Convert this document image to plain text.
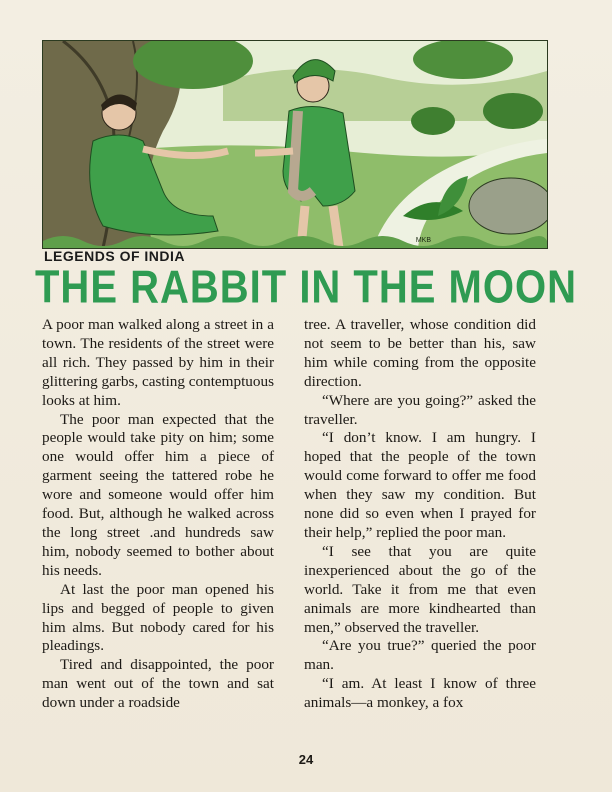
MKB
LEGENDS OF INDIA
THE RABBIT IN THE MOON

A poor man walked along a street in a town. The residents of the street were all rich. They passed by him in their glittering garbs, casting contemptuous looks at him.

The poor man expected that the people would take pity on him; some one would offer him a piece of garment seeing the tattered robe he wore and someone would offer him food. But, although he walked across the long street .and hundreds saw him, nobody seemed to bother about his needs.

At last the poor man opened his lips and begged of people to given him alms. But nobody cared for his pleadings.

Tired and disappointed, the poor man went out of the town and sat down under a roadside

tree. A traveller, whose condition did not seem to be better than his, saw him while coming from the opposite direction.

“Where are you going?” asked the traveller.

“I don’t know. I am hungry. I hoped that the people of the town would come forward to offer me food when they saw my condition. But none did so even when I prayed for their help,” replied the poor man.

“I see that you are quite inexperienced about the go of the world. Take it from me that even animals are more kindhearted than men,” observed the traveller.

“Are you true?” queried the poor man.

“I am. At least I know of three animals—a monkey, a fox

24
